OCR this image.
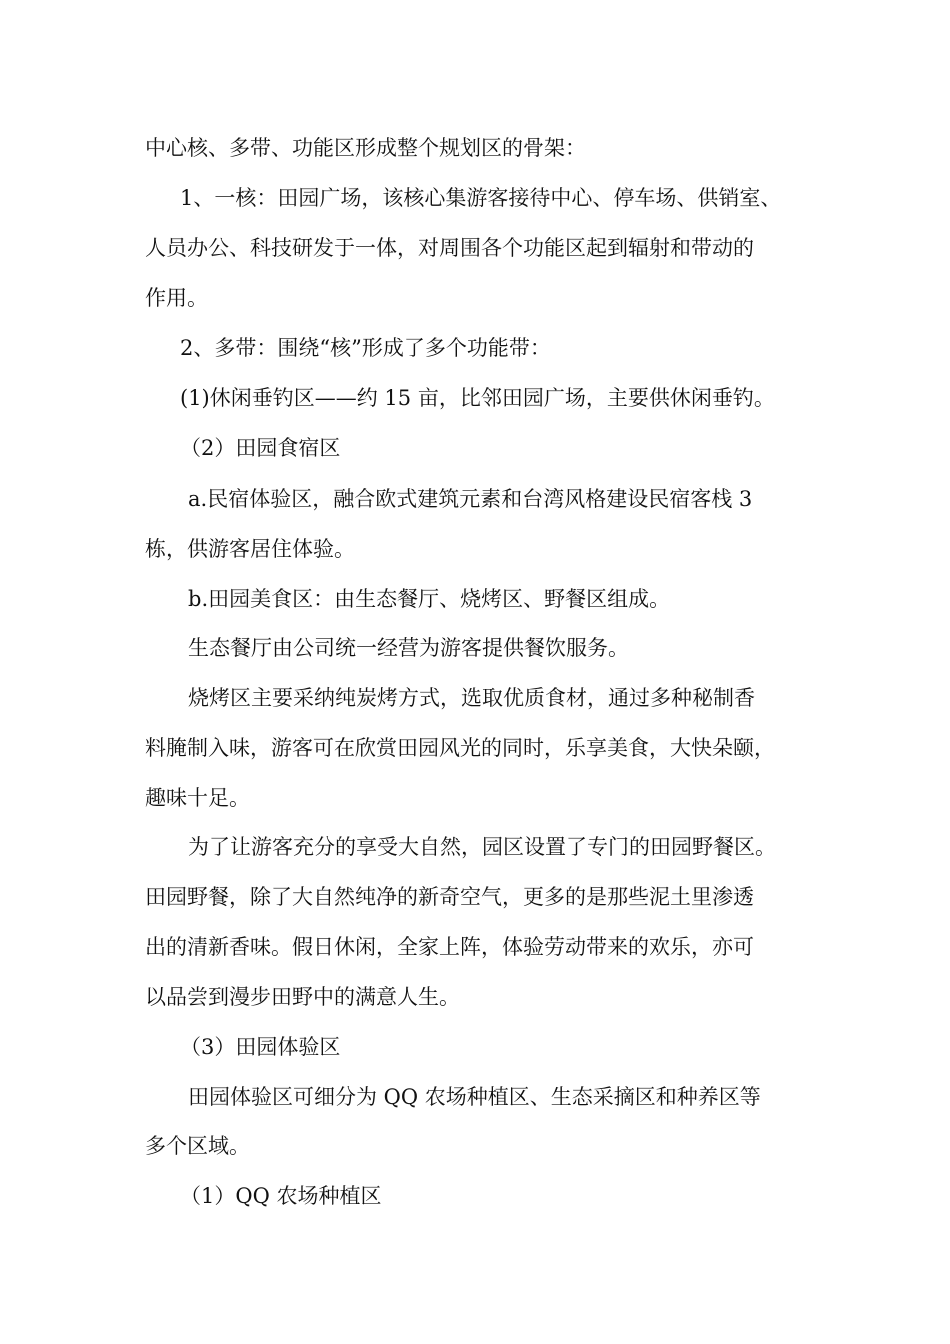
中心核、多带、功能区形成整个规划区的骨架：
1、一核：田园广场，该核心集游客接待中心、停车场、供销室、
人员办公、科技研发于一体，对周围各个功能区起到辐射和带动的
作用。
2、多带：围绕“核”形成了多个功能带：
(1)休闲垂钓区——约 15 亩，比邻田园广场，主要供休闲垂钓。
（2）田园食宿区
a.民宿体验区，融合欧式建筑元素和台湾风格建设民宿客栈 3
栋，供游客居住体验。
b.田园美食区：由生态餐厅、烧烤区、野餐区组成。
生态餐厅由公司统一经营为游客提供餐饮服务。
烧烤区主要采纳纯炭烤方式，选取优质食材，通过多种秘制香
料腌制入味，游客可在欣赏田园风光的同时，乐享美食，大快朵颐，
趣味十足。
为了让游客充分的享受大自然，园区设置了专门的田园野餐区。
田园野餐，除了大自然纯净的新奇空气，更多的是那些泥土里渗透
出的清新香味。假日休闲，全家上阵，体验劳动带来的欢乐，亦可
以品尝到漫步田野中的满意人生。
（3）田园体验区
田园体验区可细分为 QQ 农场种植区、生态采摘区和种养区等
多个区域。
（1）QQ 农场种植区
